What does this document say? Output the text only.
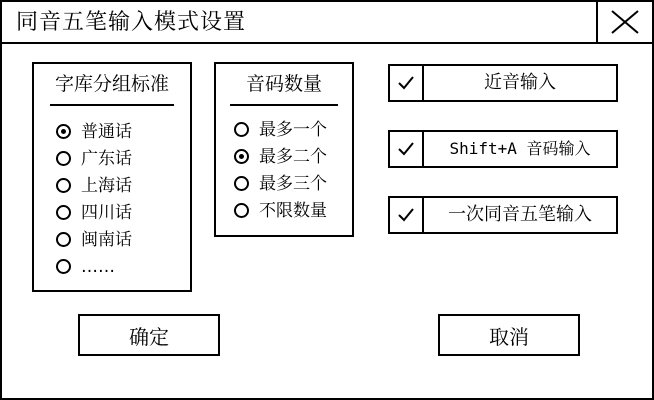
同音五笔输入模式设置
字库分组标准
普通话
广东话
上海话
四川话
闽南话
……
音码数量
最多一个
最多二个
最多三个
不限数量
近音输入
Shift+A 音码输入
一次同音五笔输入
确定	取消
